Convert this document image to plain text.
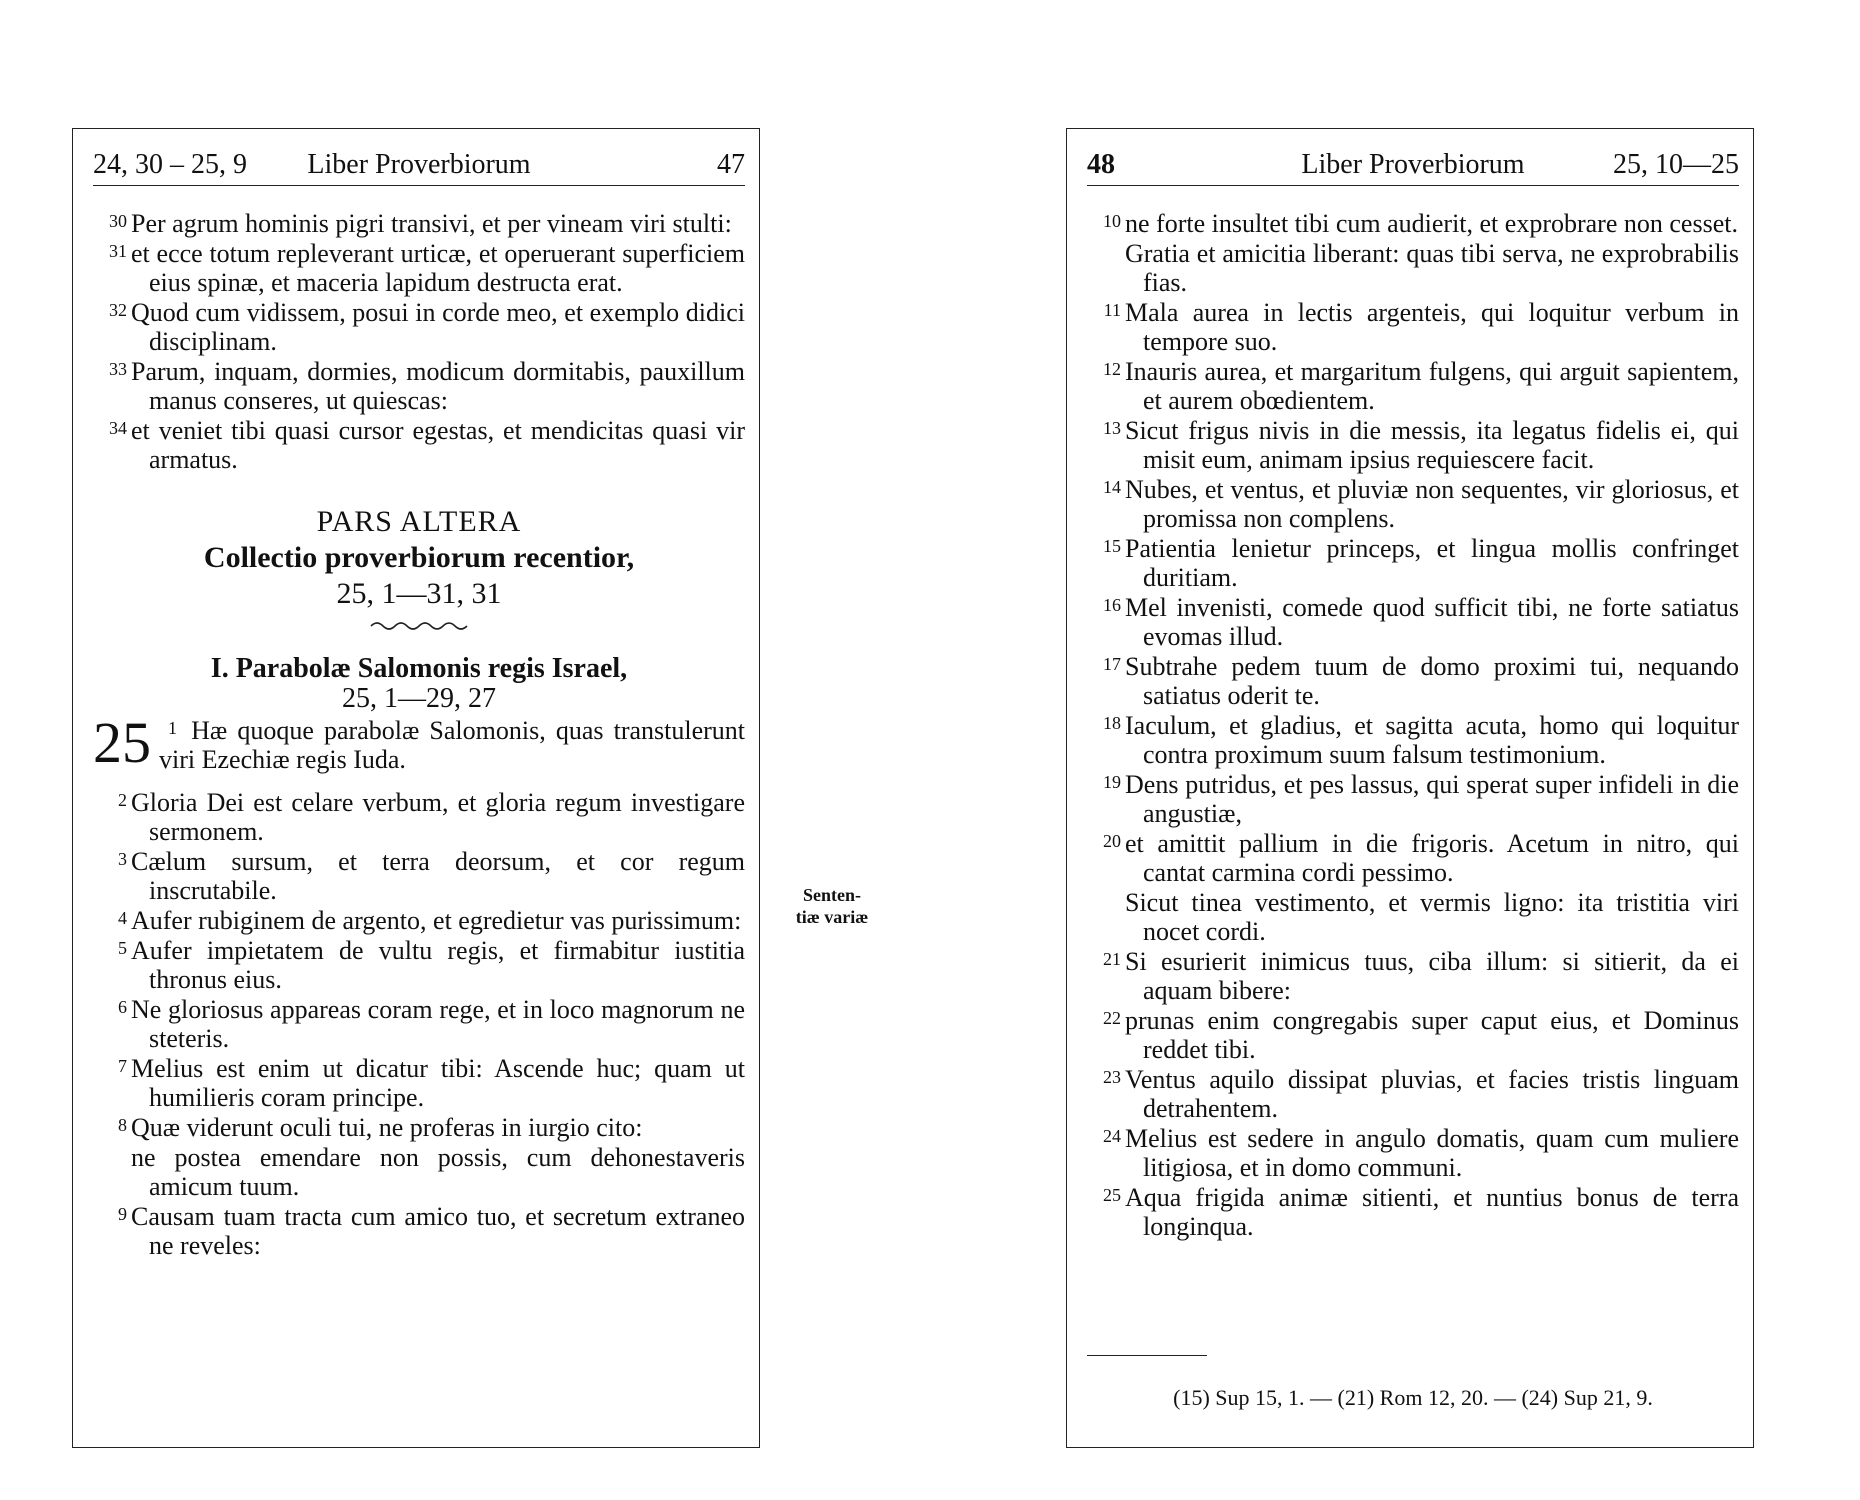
24, 30 – 25, 9	Liber Proverbiorum	47

30 Per agrum hominis pigri transivi, et per vineam viri stulti:

31 et ecce totum repleverant urticæ, et operuerant superficiem eius spinæ, et maceria lapidum destructa erat.

32 Quod cum vidissem, posui in corde meo, et exemplo didici disciplinam.

33 Parum, inquam, dormies, modicum dormitabis, pauxillum manus conseres, ut quiescas:

34 et veniet tibi quasi cursor egestas, et mendicitas quasi vir armatus.

PARS ALTERA

Collectio proverbiorum recentior,

25, 1—31, 31

I. Parabolæ Salomonis regis Israel,

25, 1—29, 27

25 1 Hæ quoque parabolæ Salomonis, quas transtulerunt viri Ezechiæ regis Iuda.

2 Gloria Dei est celare verbum, et gloria regum investigare sermonem.

3 Cælum sursum, et terra deorsum, et cor regum inscrutabile.

4 Aufer rubiginem de argento, et egredietur vas purissimum:

5 Aufer impietatem de vultu regis, et firmabitur iustitia thronus eius.

6 Ne gloriosus appareas coram rege, et in loco magnorum ne steteris.

7 Melius est enim ut dicatur tibi: Ascende huc; quam ut humilieris coram principe.

8 Quæ viderunt oculi tui, ne proferas in iurgio cito:

ne postea emendare non possis, cum dehonestaveris amicum tuum.

9 Causam tuam tracta cum amico tuo, et secretum extraneo ne reveles:

Senten-
tiæ variæ
48	Liber Proverbiorum	25, 10—25

10 ne forte insultet tibi cum audierit, et exprobrare non cesset.

Gratia et amicitia liberant: quas tibi serva, ne exprobrabilis fias.

11 Mala aurea in lectis argenteis, qui loquitur verbum in tempore suo.

12 Inauris aurea, et margaritum fulgens, qui arguit sapientem, et aurem obœdientem.

13 Sicut frigus nivis in die messis, ita legatus fidelis ei, qui misit eum, animam ipsius requiescere facit.

14 Nubes, et ventus, et pluviæ non sequentes, vir gloriosus, et promissa non complens.

15 Patientia lenietur princeps, et lingua mollis confringet duritiam.

16 Mel invenisti, comede quod sufficit tibi, ne forte satiatus evomas illud.

17 Subtrahe pedem tuum de domo proximi tui, nequando satiatus oderit te.

18 Iaculum, et gladius, et sagitta acuta, homo qui loquitur contra proximum suum falsum testimonium.

19 Dens putridus, et pes lassus, qui sperat super infideli in die angustiæ,

20 et amittit pallium in die frigoris. Acetum in nitro, qui cantat carmina cordi pessimo.

Sicut tinea vestimento, et vermis ligno: ita tristitia viri nocet cordi.

21 Si esurierit inimicus tuus, ciba illum: si sitierit, da ei aquam bibere:

22 prunas enim congregabis super caput eius, et Dominus reddet tibi.

23 Ventus aquilo dissipat pluvias, et facies tristis linguam detrahentem.

24 Melius est sedere in angulo domatis, quam cum muliere litigiosa, et in domo communi.

25 Aqua frigida animæ sitienti, et nuntius bonus de terra longinqua.

(15) Sup 15, 1. — (21) Rom 12, 20. — (24) Sup 21, 9.
